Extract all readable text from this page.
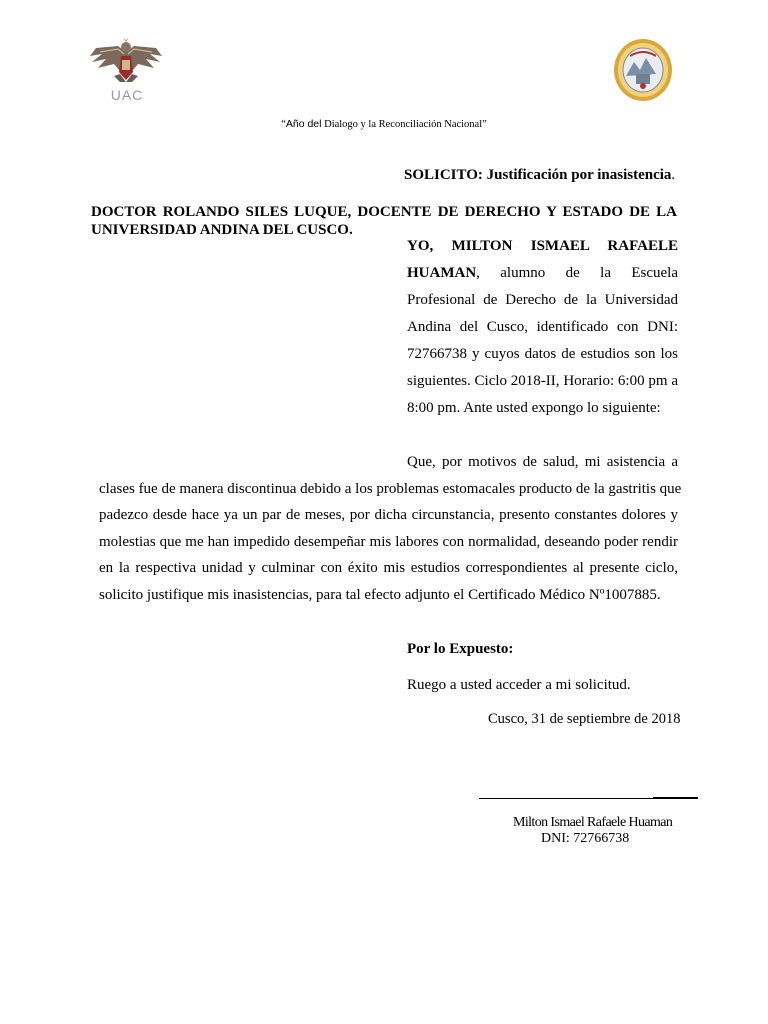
UAC
“Año del Dialogo y la Reconciliación Nacional”
SOLICITO: Justificación por inasistencia.
DOCTOR ROLANDO SILES LUQUE, DOCENTE DE DERECHO Y ESTADO DE LA
UNIVERSIDAD ANDINA DEL CUSCO.
YO, MILTON ISMAEL RAFAELE
HUAMAN, alumno de la Escuela
Profesional de Derecho de la Universidad
Andina del Cusco, identificado con DNI:
72766738 y cuyos datos de estudios son los
siguientes. Ciclo 2018-II, Horario: 6:00 pm a
8:00 pm. Ante usted expongo lo siguiente:
Que, por motivos de salud, mi asistencia a
clases fue de manera discontinua debido a los problemas estomacales producto de la gastritis que
padezco desde hace ya un par de meses, por dicha circunstancia, presento constantes dolores y
molestias que me han impedido desempeñar mis labores con normalidad, deseando poder rendir
en la respectiva unidad y culminar con éxito mis estudios correspondientes al presente ciclo,
solicito justifique mis inasistencias, para tal efecto adjunto el Certificado Médico Nº1007885.
Por lo Expuesto:
Ruego a usted acceder a mi solicitud.
Cusco, 31 de septiembre de 2018
Milton Ismael Rafaele Huaman
DNI: 72766738
